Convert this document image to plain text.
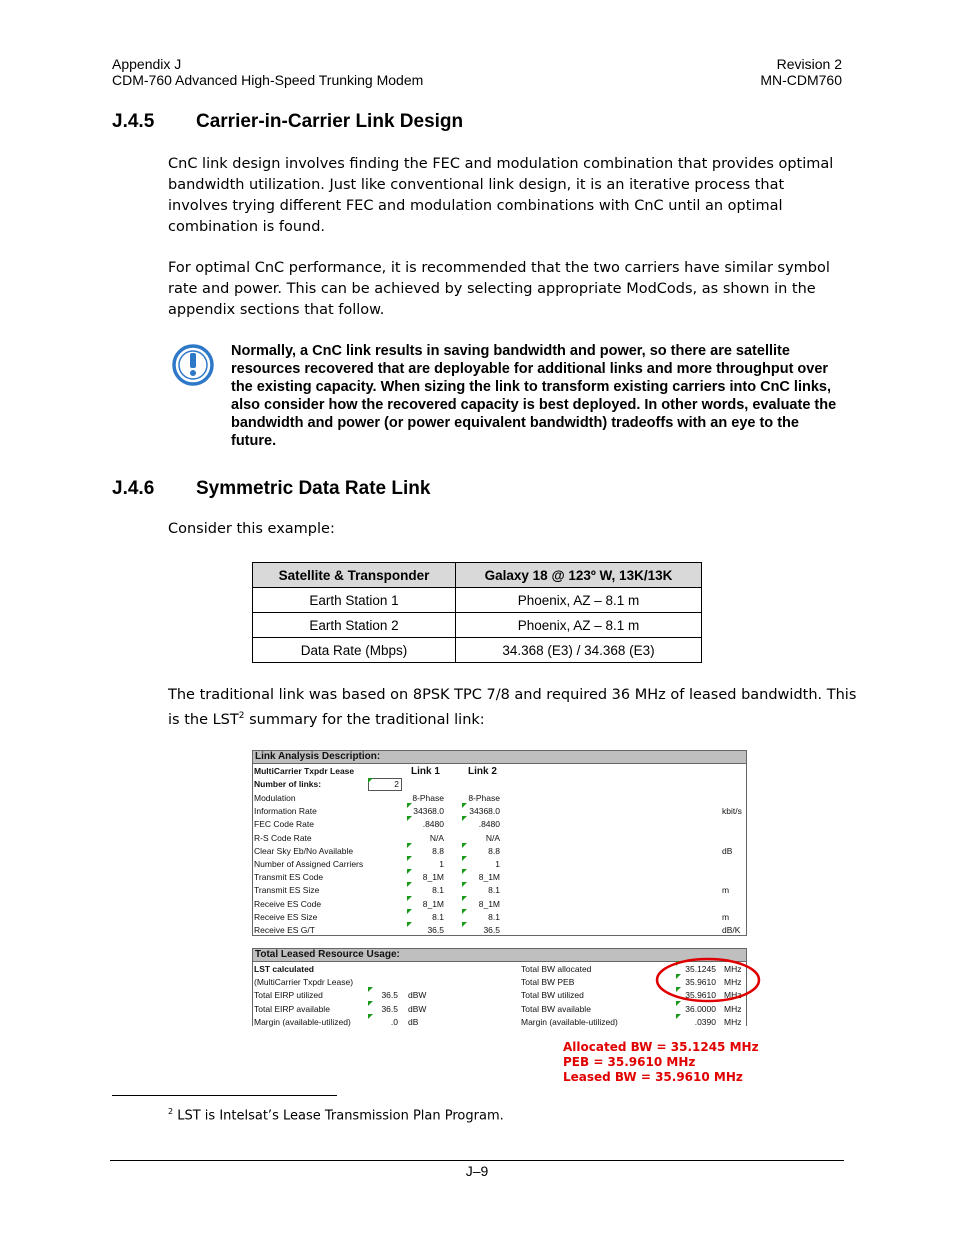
Appendix J
CDM-760 Advanced High-Speed Trunking Modem
Revision 2
MN-CDM760
J.4.5 Carrier-in-Carrier Link Design
CnC link design involves finding the FEC and modulation combination that provides optimal bandwidth utilization. Just like conventional link design, it is an iterative process that involves trying different FEC and modulation combinations with CnC until an optimal combination is found.
For optimal CnC performance, it is recommended that the two carriers have similar symbol rate and power. This can be achieved by selecting appropriate ModCods, as shown in the appendix sections that follow.
Normally, a CnC link results in saving bandwidth and power, so there are satellite resources recovered that are deployable for additional links and more throughput over the existing capacity. When sizing the link to transform existing carriers into CnC links, also consider how the recovered capacity is best deployed. In other words, evaluate the bandwidth and power (or power equivalent bandwidth) tradeoffs with an eye to the future.
J.4.6 Symmetric Data Rate Link
Consider this example:
Satellite & Transponder	Galaxy 18 @ 123º W, 13K/13K
Earth Station 1	Phoenix, AZ – 8.1 m
Earth Station 2	Phoenix, AZ – 8.1 m
Data Rate (Mbps)	34.368 (E3) / 34.368 (E3)
The traditional link was based on 8PSK TPC 7/8 and required 36 MHz of leased bandwidth. This
is the LST$^2$ summary for the traditional link:
Link Analysis Description:
MultiCarrier Txpdr Lease	Link 1	Link 2
Number of links:	2
Modulation	8-Phase	8-Phase
Information Rate	34368.0	34368.0	kbit/s
FEC Code Rate	.8480	.8480
R-S Code Rate	N/A	N/A
Clear Sky Eb/No Available	8.8	8.8	dB
Number of Assigned Carriers	1	1
Transmit ES Code	8_1M	8_1M
Transmit ES Size	8.1	8.1	m
Receive ES Code	8_1M	8_1M
Receive ES Size	8.1	8.1	m
Receive ES G/T	36.5	36.5	dB/K
Total Leased Resource Usage:
LST calculated
(MultiCarrier Txpdr Lease)
Total EIRP utilized	36.5 dBW
Total EIRP available	36.5 dBW
Margin (available-utilized)	.0 dB
Total BW allocated	35.1245 MHz
Total BW PEB	35.9610 MHz
Total BW utilized	35.9610 MHz
Total BW available	36.0000 MHz
Margin (available-utilized)	.0390 MHz
Allocated BW = 35.1245 MHz
PEB = 35.9610 MHz
Leased BW = 35.9610 MHz
$^2$ LST is Intelsat’s Lease Transmission Plan Program.
J–9
